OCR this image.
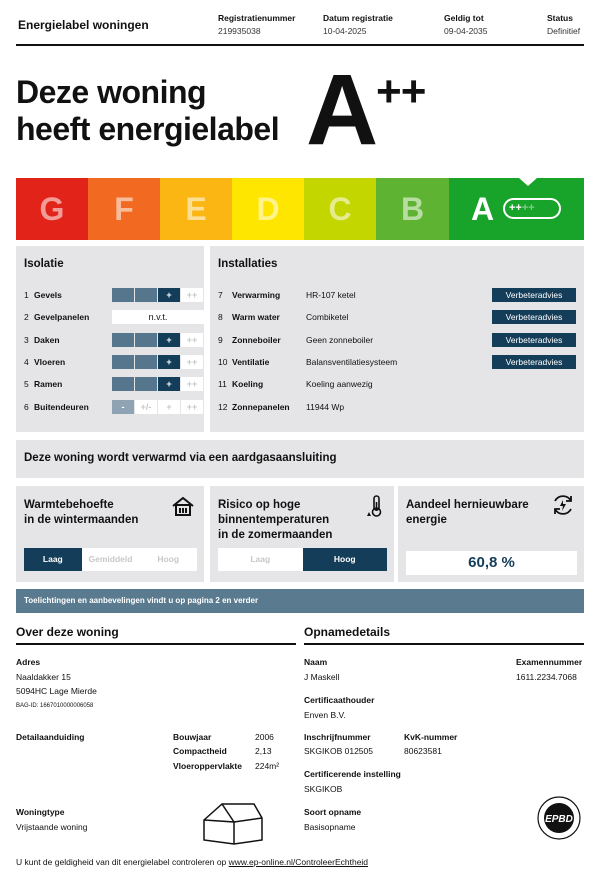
Energielabel woningen	Registratienummer
219935038
Datum registratie
10-04-2025
Geldig tot
09-04-2035
Status
Definitief
Deze woning
heeft energielabel A ++
G	F	E	D	C	B	A	++++
Isolatie
1 Gevels	+	++
2 Gevelpanelen	n.v.t.
3 Daken	+	++
4 Vloeren	+	++
5 Ramen	+	++
6 Buitendeuren	-	+/-	+	++
Installaties
7	Verwarming	HR-107 ketel	Verbeteradvies
8	Warm water	Combiketel	Verbeteradvies
9	Zonneboiler	Geen zonneboiler	Verbeteradvies
10 Ventilatie	Balansventilatiesysteem	Verbeteradvies
11 Koeling	Koeling aanwezig
12 Zonnepanelen 11944 Wp
Deze woning wordt verwarmd via een aardgasaansluiting
Warmtebehoefte
in de wintermaanden
Laag	Gemiddeld	Hoog
Risico op hoge
binnentemperaturen
in de zomermaanden
Laag	Hoog
Aandeel hernieuwbare
energie
60,8 %
Toelichtingen en aanbevelingen vindt u op pagina 2 en verder
Over deze woning
Adres
Naaldakker 15
5094HC Lage Mierde
BAG-ID: 1667010000006058
Detailaanduiding	Bouwjaar	2006
Compactheid	2,13
Vloeroppervlakte 224m²
Woningtype
Vrijstaande woning
Opnamedetails
Naam
J Maskell
Examennummer
1611.2234.7068
Certificaathouder
Enven B.V.
Inschrijfnummer
SKGIKOB 012505
KvK-nummer
80623581
Certificerende instelling
SKGIKOB
Soort opname
Basisopname
EPBD
U kunt de geldigheid van dit energielabel controleren op www.ep-online.nl/ControleerEchtheid
